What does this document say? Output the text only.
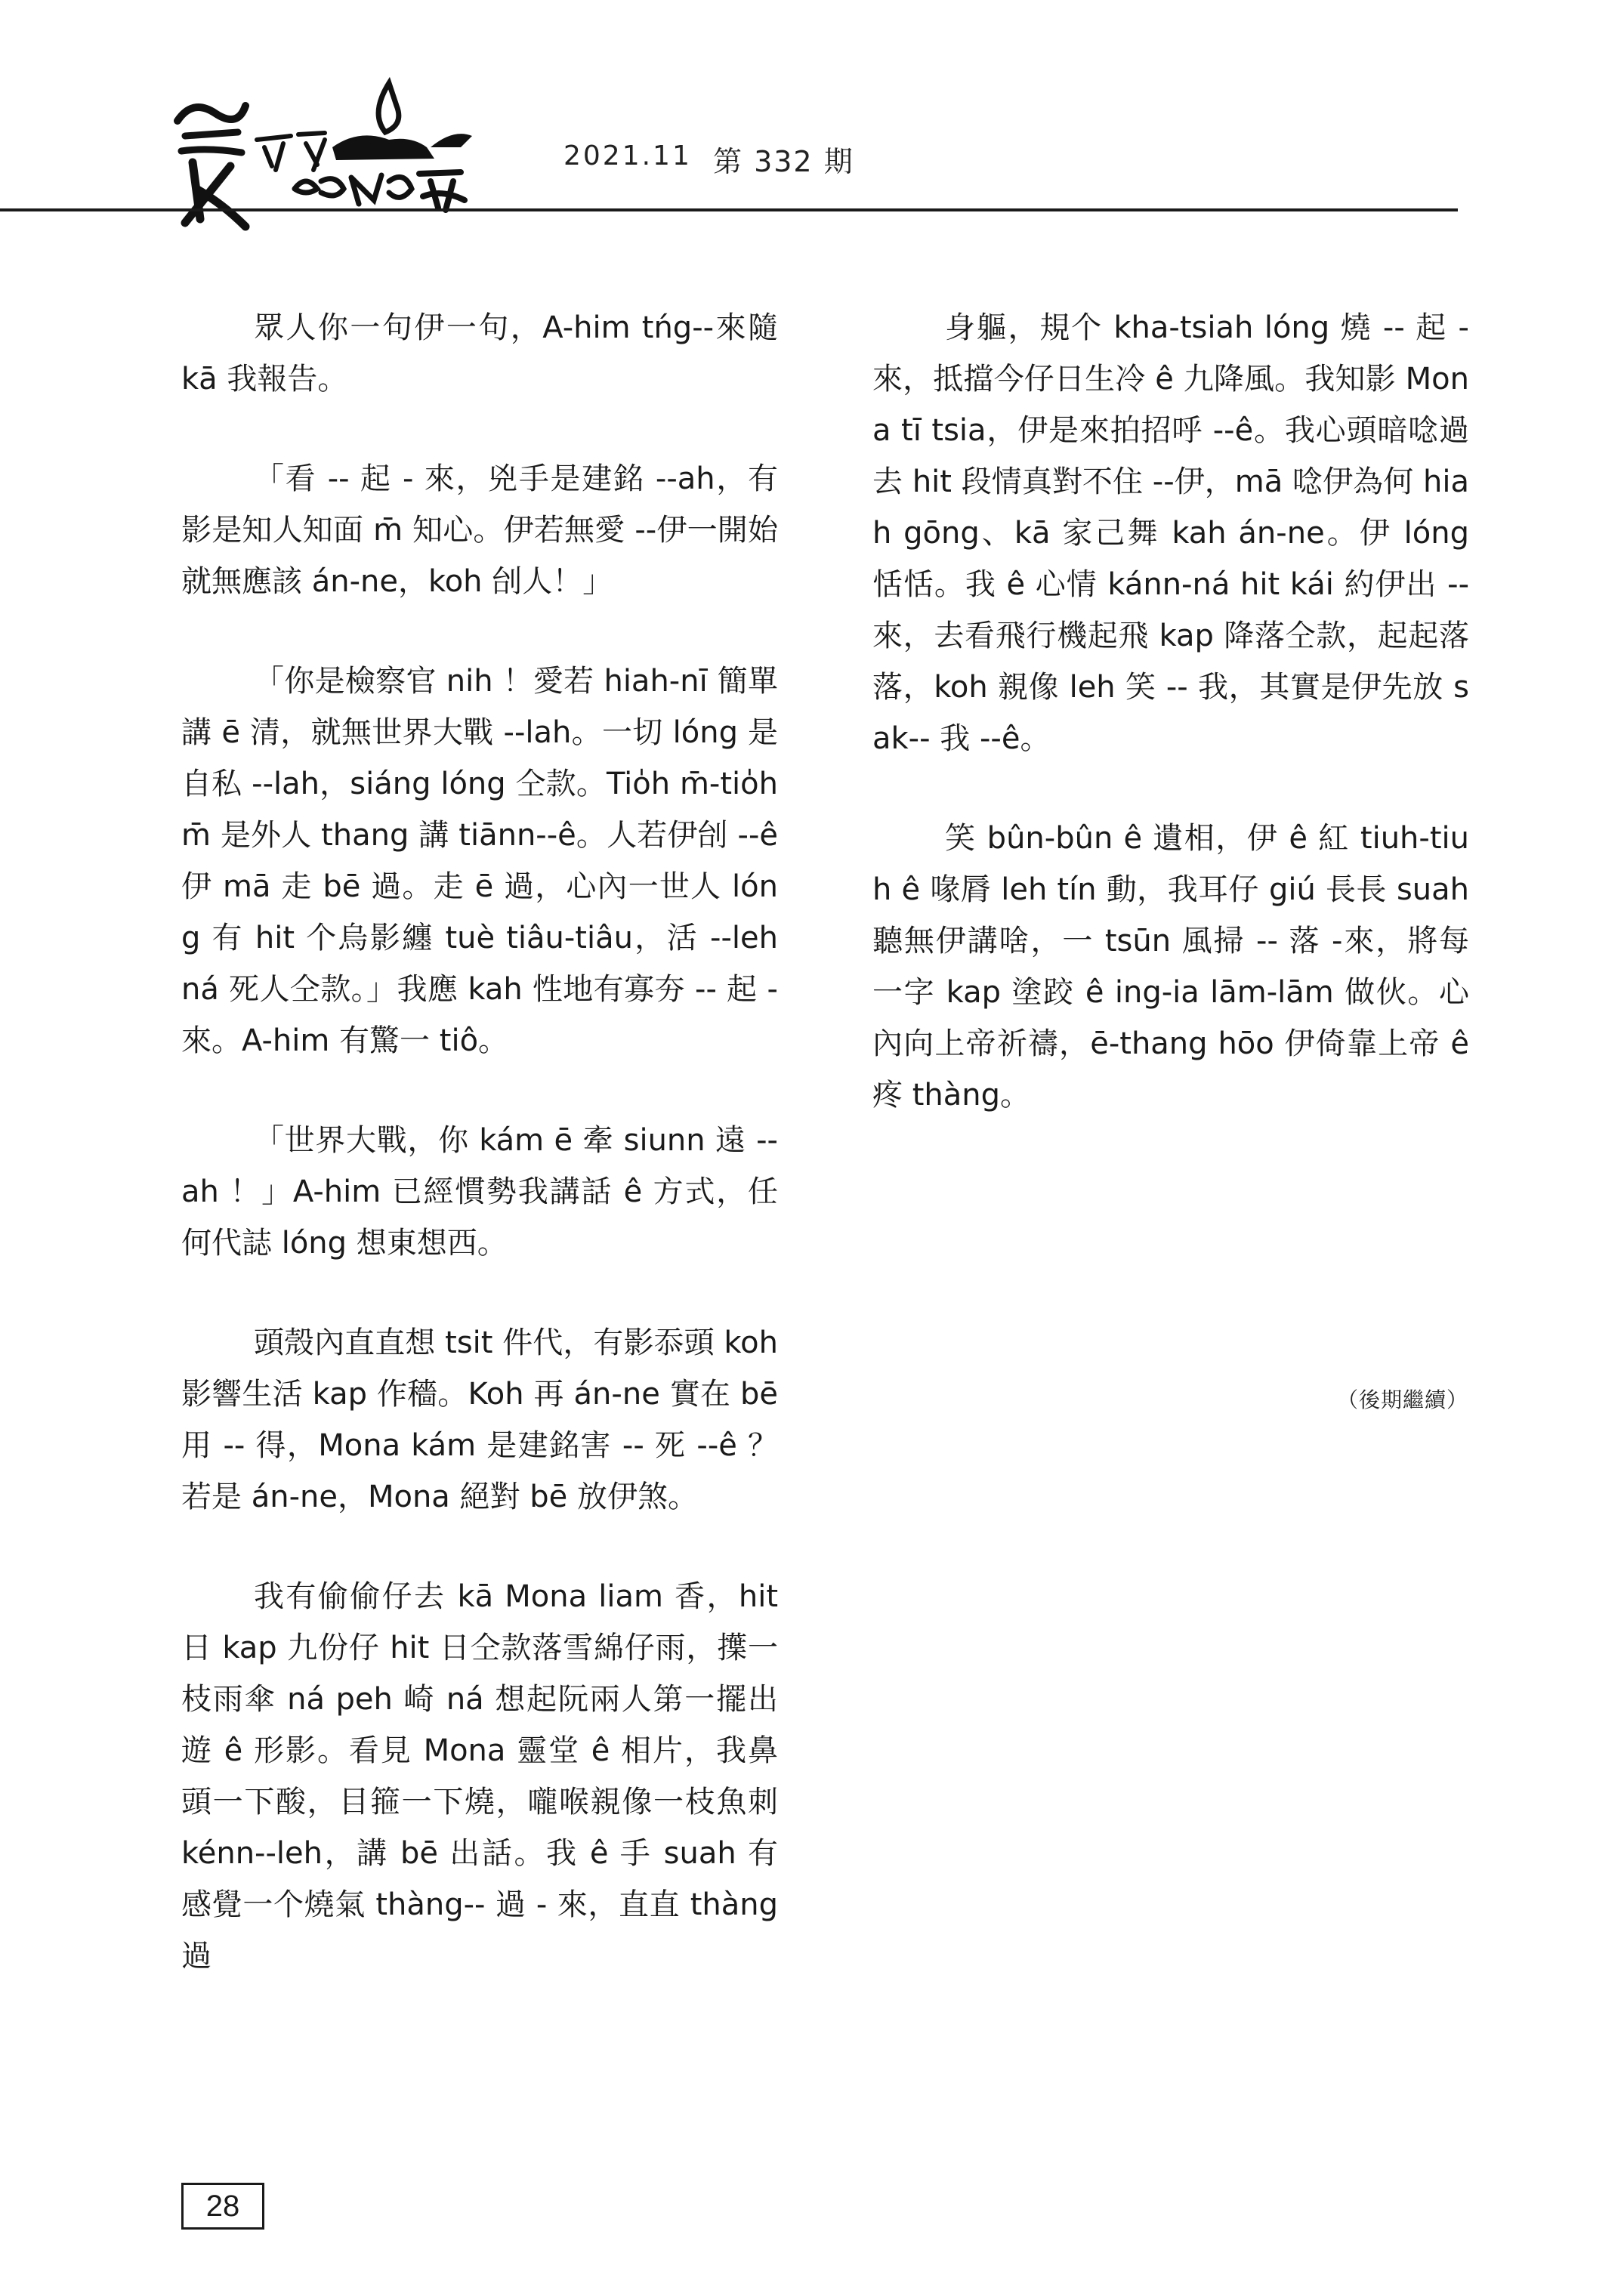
2021.11 第 332 期

眾人你一句伊一句，A-him tńg--來隨 kā 我報告。

「看 -- 起 - 來，兇手是建銘 --ah，有影是知人知面 m̄ 知心。伊若無愛 --伊一開始就無應該 án-ne，koh 刣人！」

「你是檢察官 nih ！愛若 hiah-nī 簡單講 ē 清，就無世界大戰 --lah。一切 lóng 是自私 --lah，siáng lóng 仝款。Tio̍h m̄-tio̍h m̄ 是外人 thang 講 tiānn--ê。人若伊刣 --ê 伊 mā 走 bē 過。走 ē 過，心內一世人 lóng 有 hit 个烏影纏 tuè tiâu-tiâu，活 --leh ná 死人仝款。」我應 kah 性地有寡夯 -- 起 - 來。A-him 有驚一 tiô。

「世界大戰，你 kám ē 牽 siunn 遠 --ah ！」A-him 已經慣勢我講話 ê 方式，任何代誌 lóng 想東想西。

頭殼內直直想 tsit 件代，有影忝頭 koh 影響生活 kap 作穡。Koh 再 án-ne 實在 bē 用 -- 得，Mona kám 是建銘害 -- 死 --ê ？若是 án-ne，Mona 絕對 bē 放伊煞。

我有偷偷仔去 kā Mona liam 香，hit 日 kap 九份仔 hit 日仝款落雪綿仔雨，擛一枝雨傘 ná peh 崎 ná 想起阮兩人第一擺出遊 ê 形影。看見 Mona 靈堂 ê 相片，我鼻頭一下酸，目箍一下燒，嚨喉親像一枝魚刺 kénn--leh，講 bē 出話。我 ê 手 suah 有感覺一个燒氣 thàng-- 過 - 來，直直 thàng 過

身軀，規个 kha-tsiah lóng 燒 -- 起 - 來，抵擋今仔日生冷 ê 九降風。我知影 Mona tī tsia，伊是來拍招呼 --ê。我心頭暗唸過去 hit 段情真對不住 --伊，mā 唸伊為何 hiah gōng、kā 家己舞 kah án-ne。伊 lóng 恬恬。我 ê 心情 kánn-ná hit kái 約伊出 -- 來，去看飛行機起飛 kap 降落仝款，起起落落，koh 親像 leh 笑 -- 我，其實是伊先放 sak-- 我 --ê。

笑 bûn-bûn ê 遺相，伊 ê 紅 tiuh-tiuh ê 喙脣 leh tín 動，我耳仔 giú 長長 suah 聽無伊講啥，一 tsūn 風掃 -- 落 -來，將每一字 kap 塗跤 ê ing-ia lām-lām 做伙。心內向上帝祈禱，ē-thang hōo 伊倚靠上帝 ê 疼 thàng。

（後期繼續）
28
